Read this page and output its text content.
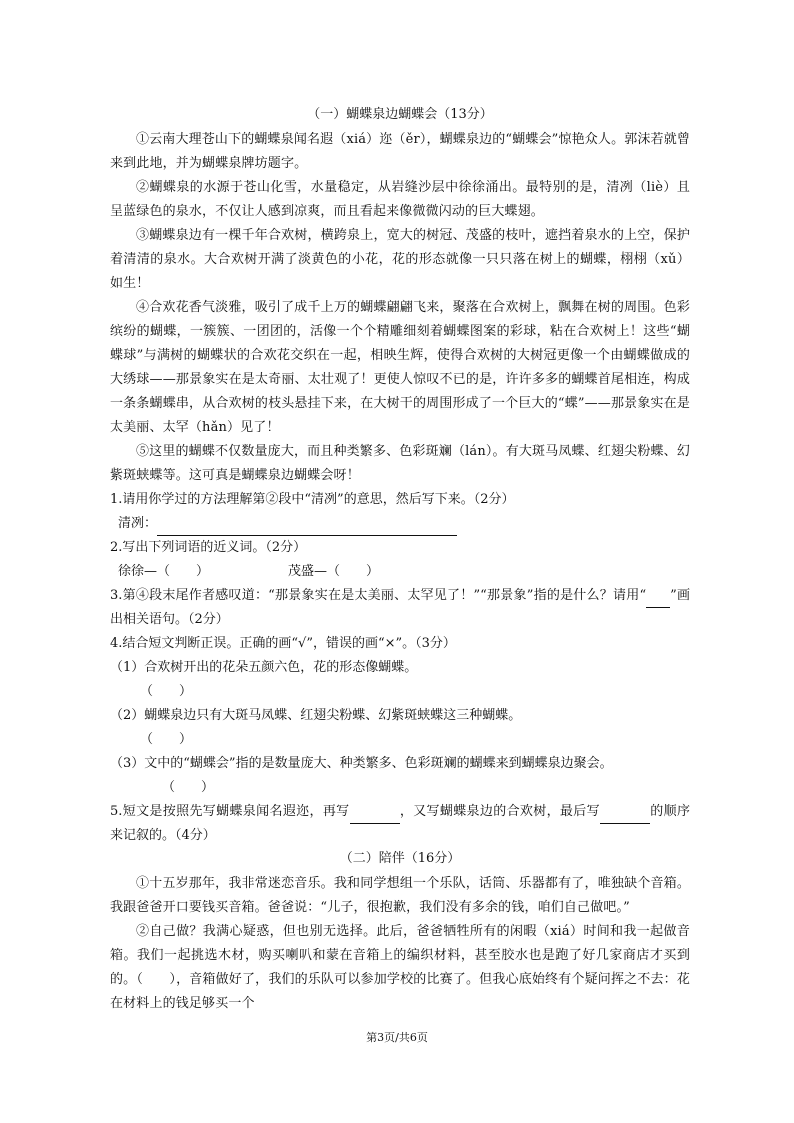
（一）蝴蝶泉边蝴蝶会（13分）

①云南大理苍山下的蝴蝶泉闻名遐（xiá）迩（ěr），蝴蝶泉边的“蝴蝶会”惊艳众人。郭沫若就曾来到此地，并为蝴蝶泉牌坊题字。

②蝴蝶泉的水源于苍山化雪，水量稳定，从岩缝沙层中徐徐涌出。最特别的是，清冽（liè）且呈蓝绿色的泉水，不仅让人感到凉爽，而且看起来像微微闪动的巨大蝶翅。

③蝴蝶泉边有一棵千年合欢树，横跨泉上，宽大的树冠、茂盛的枝叶，遮挡着泉水的上空，保护着清清的泉水。大合欢树开满了淡黄色的小花，花的形态就像一只只落在树上的蝴蝶，栩栩（xǔ）如生！

④合欢花香气淡雅，吸引了成千上万的蝴蝶翩翩飞来，聚落在合欢树上，飘舞在树的周围。色彩缤纷的蝴蝶，一簇簇、一团团的，活像一个个精雕细刻着蝴蝶图案的彩球，粘在合欢树上！这些“蝴蝶球”与满树的蝴蝶状的合欢花交织在一起，相映生辉，使得合欢树的大树冠更像一个由蝴蝶做成的大绣球——那景象实在是太奇丽、太壮观了！更使人惊叹不已的是，许许多多的蝴蝶首尾相连，构成一条条蝴蝶串，从合欢树的枝头悬挂下来，在大树干的周围形成了一个巨大的“蝶”——那景象实在是太美丽、太罕（hǎn）见了！

⑤这里的蝴蝶不仅数量庞大，而且种类繁多、色彩斑斓（lán）。有大斑马凤蝶、红翅尖粉蝶、幻紫斑蛱蝶等。这可真是蝴蝶泉边蝴蝶会呀！

1.请用你学过的方法理解第②段中“清冽”的意思，然后写下来。（2分）

清冽：

2.写出下列词语的近义词。（2分）

徐徐—（　　）	茂盛—（　　）

3.第④段末尾作者感叹道：“那景象实在是太美丽、太罕见了！”“那景象”指的是什么？请用“ ”画出相关语句。（2分）

4.结合短文判断正误。正确的画“√”，错误的画“×”。（3分）

（1）合欢树开出的花朵五颜六色，花的形态像蝴蝶。

（　　）

（2）蝴蝶泉边只有大斑马凤蝶、红翅尖粉蝶、幻紫斑蛱蝶这三种蝴蝶。

（　　）

（3）文中的“蝴蝶会”指的是数量庞大、种类繁多、色彩斑斓的蝴蝶来到蝴蝶泉边聚会。

（　　）

5.短文是按照先写蝴蝶泉闻名遐迩，再写	，又写蝴蝶泉边的合欢树，最后写	的顺序来记叙的。（4分）

（二）陪伴（16分）

①十五岁那年，我非常迷恋音乐。我和同学想组一个乐队，话筒、乐器都有了，唯独缺个音箱。我跟爸爸开口要钱买音箱。爸爸说：“儿子，很抱歉，我们没有多余的钱，咱们自己做吧。”

②自己做？我满心疑惑，但也别无选择。此后，爸爸牺牲所有的闲暇（xiá）时间和我一起做音箱。我们一起挑选木材，购买喇叭和蒙在音箱上的编织材料，甚至胶水也是跑了好几家商店才买到的。（　　），音箱做好了，我们的乐队可以参加学校的比赛了。但我心底始终有个疑问挥之不去：花在材料上的钱足够买一个

第3页/共6页
